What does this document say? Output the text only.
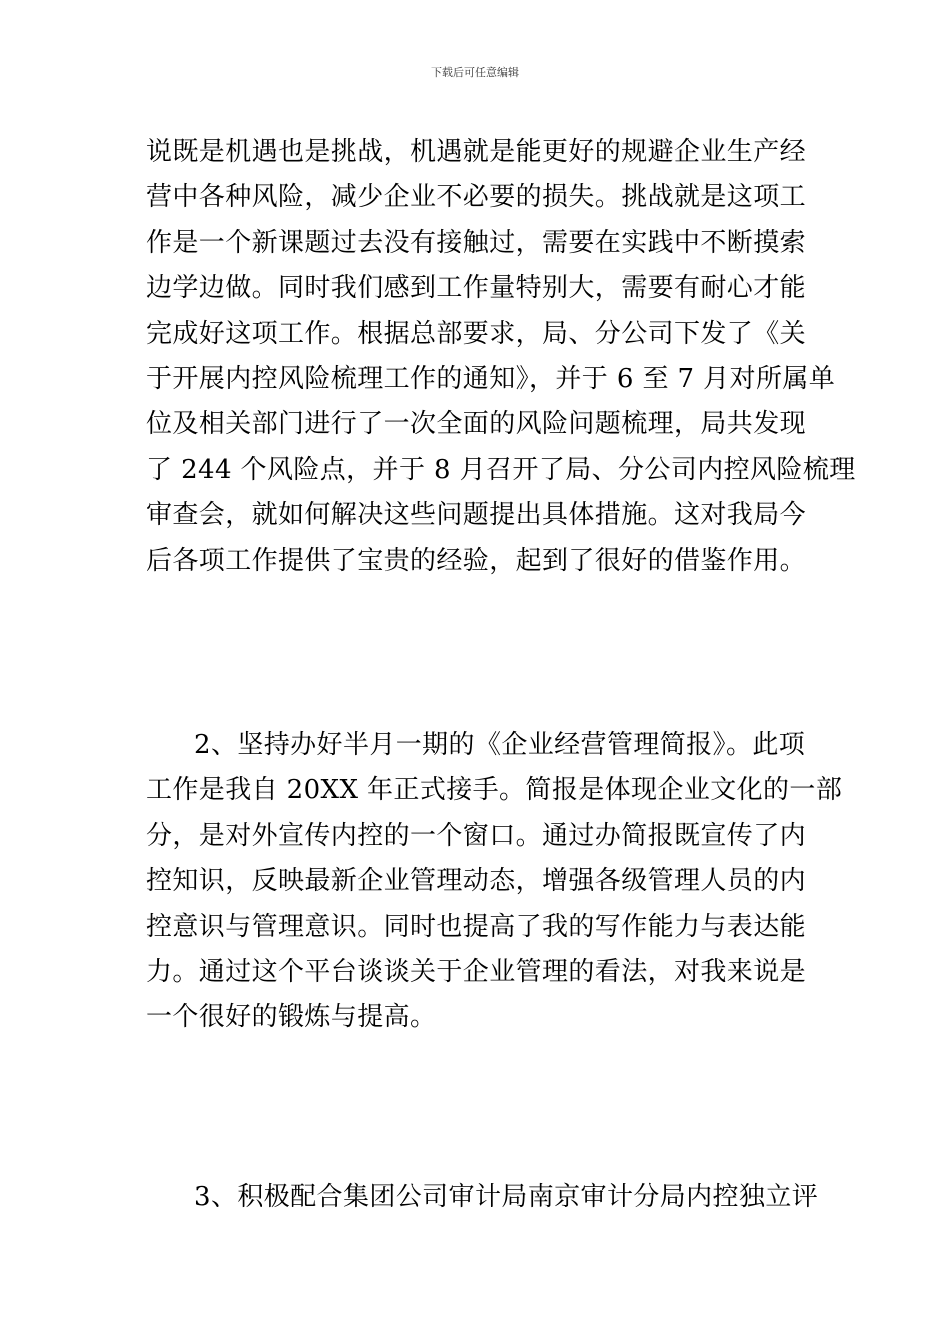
下载后可任意编辑
说既是机遇也是挑战，机遇就是能更好的规避企业生产经
营中各种风险，减少企业不必要的损失。挑战就是这项工
作是一个新课题过去没有接触过，需要在实践中不断摸索
边学边做。同时我们感到工作量特别大，需要有耐心才能
完成好这项工作。根据总部要求，局、分公司下发了《关
于开展内控风险梳理工作的通知》，并于 6 至 7 月对所属单
位及相关部门进行了一次全面的风险问题梳理，局共发现
了 244 个风险点，并于 8 月召开了局、分公司内控风险梳理
审查会，就如何解决这些问题提出具体措施。这对我局今
后各项工作提供了宝贵的经验，起到了很好的借鉴作用。
2、坚持办好半月一期的《企业经营管理简报》。此项
工作是我自 20XX 年正式接手。简报是体现企业文化的一部
分，是对外宣传内控的一个窗口。通过办简报既宣传了内
控知识，反映最新企业管理动态，增强各级管理人员的内
控意识与管理意识。同时也提高了我的写作能力与表达能
力。通过这个平台谈谈关于企业管理的看法，对我来说是
一个很好的锻炼与提高。
3、积极配合集团公司审计局南京审计分局内控独立评
